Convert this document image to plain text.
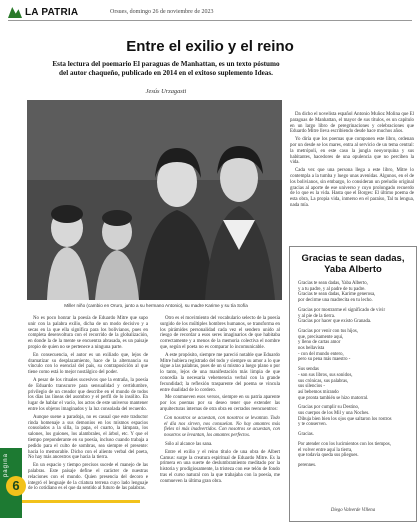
LA PATRIA	Orsues, domingo 26 de noviembre de 2023
Entre el exilio y el reino
Esta lectura del poemario El paraguas de Manhattan, es un texto póstumo del autor chaqueño, publicado en 2014 en el exitoso suplemento Ideas.
Jesús Urzagasti
Miller niño (cambio en Oruro, junto a su hermano Antonio), su madre Karime y su tía Sofía

Da dicho el novelista español Antonio Muñoz Molina que El paraguas de Manhattan, el mayor de sus títulos, es un capítulo en un largo libro de peregrinaciones y celebraciones que Eduardo Mitre lleva escribiendo desde hace muchos años.

Yo diría que los poemas que componen este libro, ordenan por un desde se los mares, entra al servicio de un tema central: la metrópoli, en este caso la jungla neoyorquina y sus habitantes, hacedores de una opulencia que no perciben la vida.

Cada vez que una persona llega a este libro, Mitre lo contempla a la tumba y luego unas avenidas. Algunos, en el de los bolivianos, sin embargo, lo consideran un preludio original gracias al aporte de ese universo y cuyo prolongado recuerdo de lo que es la vida. Hasta que el Borges: El último poema de esta obra, La propia vida, inmerso en el paraíso, Tal tu lengua, nada mía.

No es poco honrar la poesía de Eduardo Mitre que supo unir con la palabra exilio, dicha de un modo decisivo y a secas en la que ella significa para los bolivianos, pues en completa desenvoltura con el recorrido de la globalización, en donde la de la mente se encuentra abrasada, es un paisaje propio de quien no se pertenece a ninguna parte.

En consecuencia, el autor es un exiliado que, lejos de dramatizar su desplazamiento, hace de la alternancia su vínculo con lo esencial del país, su contraposición al que tiene como está lo mejor nostálgico del poder.

A pesar de los rituales sucesivos que la entraña, la poesía de Eduardo transcurre para sensualidad y certidumbre, privilegio de un creador que describe en el mundo de todos los días las líneas del asombro y el perfil de lo insólito. En lugar de hablar el vacío, los actos de este universo mantener entre los objetos imaginados y la luz consolada del recuerdo.

Aunque suene a paradoja, no es casual que este traductor rinda homenaje a sus demonios en los mismos espacios consolados a la silla, la papa, el cuarto, la lámpara, los salones, los guiones, los alambrales, el árbol, etc. Y que el tiempo preponderante en su poesía, incluso cuando trabaja a pedido para el culto de sombras, sea siempre el presente: hacia lo memorable. Dicho con el aliento verbal del poeta, No hay más ancestros que hacia la tierra.

En un espacio y tiempo precisos sucede el manejo de las palabras. Este paisaje define el carácter de nuestras relaciones con el mundo. Quien presencia del decoro e integró el lenguaje de la criatura terrena cuyo lado lenguaje de lo cotidiano es el que da sentido al futuro de las palabras.

Otro es el movimiento del vocabulario selecto de la poesía surgido de los múltiples hombres humanos, se transforma en los pirámides personalidad cada vez el sendero unido al riesgo de recordar a esos seres imaginarios de que habitaba correctamente y a menos de la memoria colectiva el nombre que, según el poeta no es comparar lo incomunicable.

A este propósito, siempre me pareció notable que Eduardo Mitre hubiera registrado del todo y siempre su amor a lo que sigue a las palabras, pues de un sí mismo a luego plano o por lo tanto, lejos de una manifestación más limpia de que concedía la necesaria vehemencia verbal con la grande fecundidad; la reflexión trasparente del poema se vincula entre dualidad de lo cordero.

Me conmueven esos versos, siempre en su patria aparente por los poemas por su deseo tener que extender las arquitecturas internas de otra obra en cerrados reencuentros:

Con nosotros se acuestan, con nosotros se levantan. Todo el día nos sirven, nos consuelan. No hay amantes más fieles ni más inadvertidos. Con nosotros se acuestan, con nosotros se levantan, los amantes perfectos.

Sólo al alcance las sana.

Entre el exilio y el reino título de una obra de Albert Camus: surge la creatura espiritual de Eduardo Mitre. Es la primera en una suerte de deslumbramiento meditado por la historia y prodigiosamente, la tristeza con ese telón de fondo tras el curso natural con la que trabajaba con la poesía, me conmueven la última gran obra.

Gracias te sean dadas, Yaba Alberto
Gracias te sean dadas, Yaba Alberto,
y a tu padre, y al padre de tu padre.
Gracias te sean dadas, Karime generosa,
por decirme una madrecita en tu lecho.
Gracias por mostrarme el significado de vivir
y al pie de la tierra.
Gracias por hacer que existo Granada.
Gracias por venir con tus hijos,
que, precisamente aquí,
y lleno de cartas amor
nos bellavista
- con del mundo entero,
pero su pena más maestro -
Sus sendas
- son sus libros, sus sonidos,
sus crónicas, sus palabras,
sus silencios -
así bebemos mirando
que pronta también se hizo matorral.
Gracias por cumplir su Destino,
sus cuerpos de los Mil y una Noches.
Dibuja bien bien los ojos que saltaron los rostros
y te conserven.
Gracias.
Por atender con los lucimientos con los tiempos,
el volver entre aquí la tierra,
que todavía queda sus pliegues.
perennes.
Diego Valverde Villena
página
6
